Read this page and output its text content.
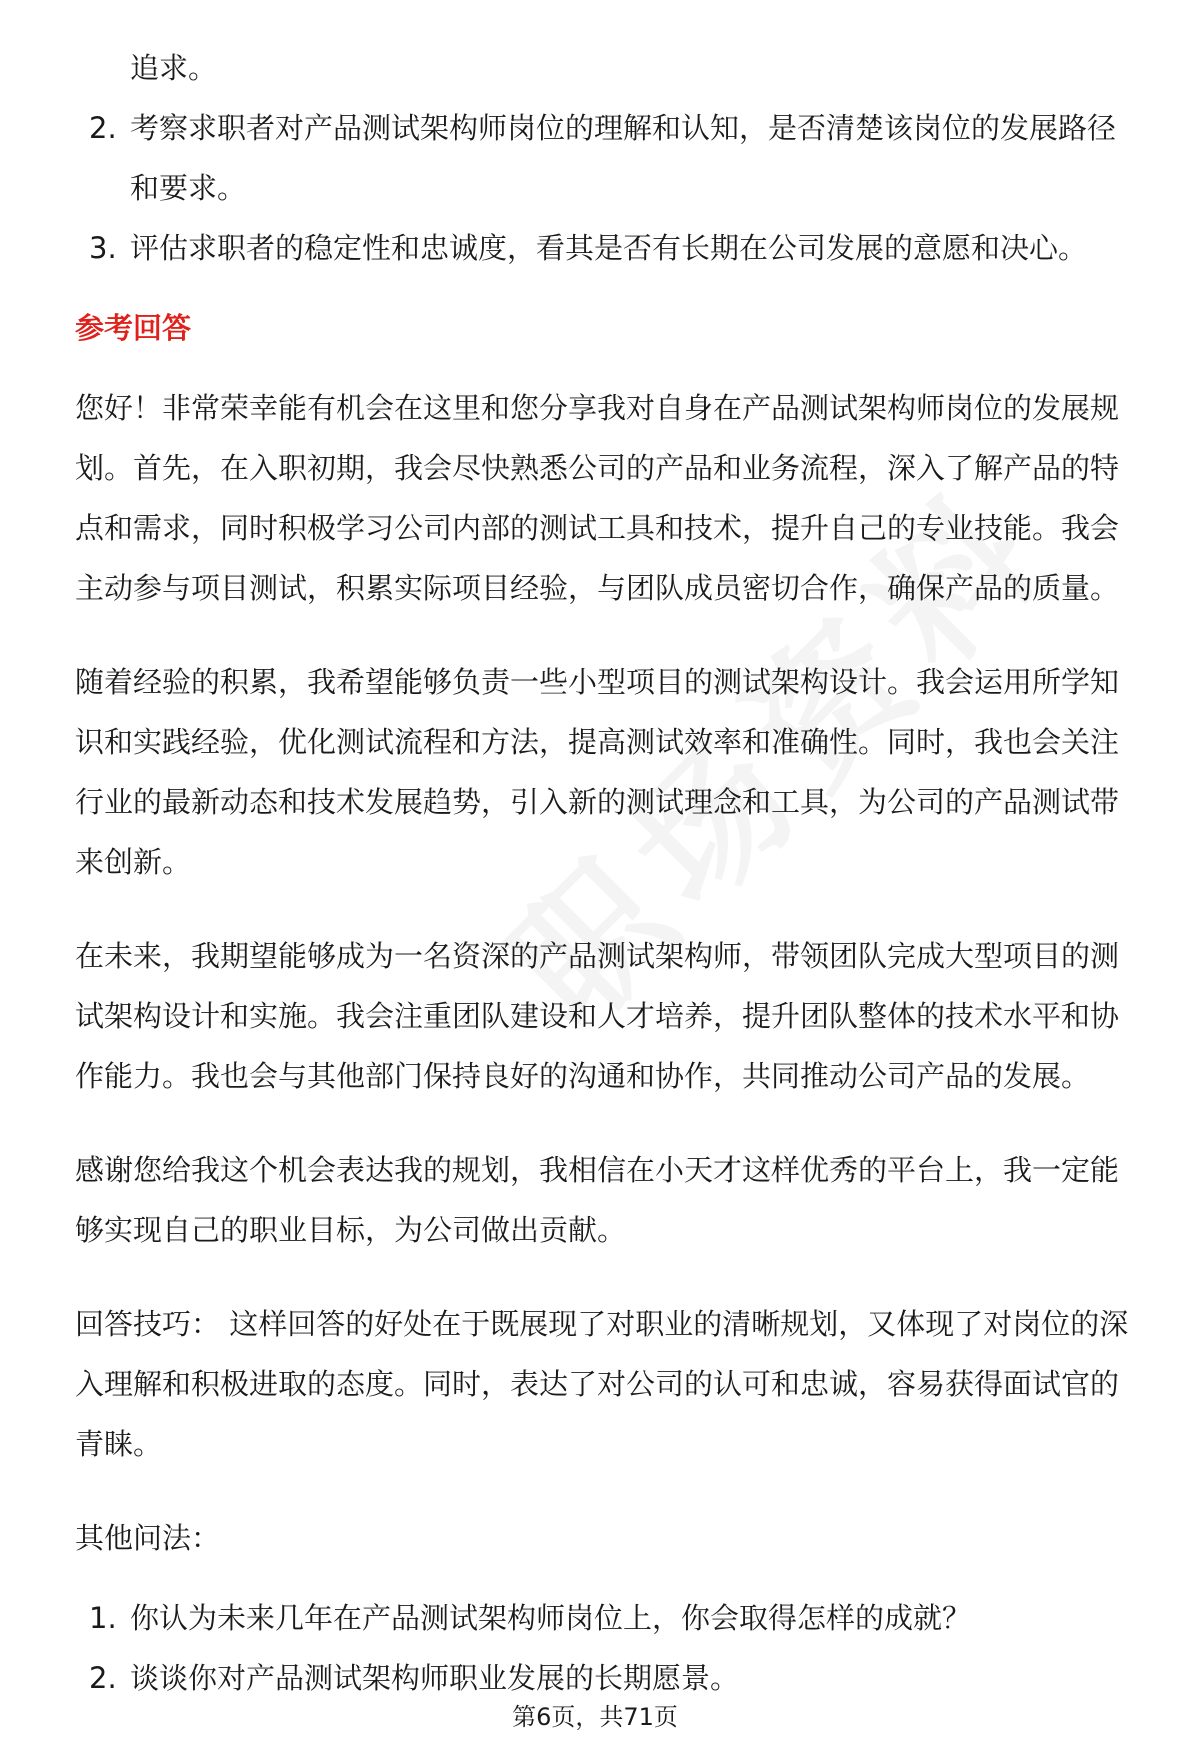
追求。
2. 考察求职者对产品测试架构师岗位的理解和认知，是否清楚该岗位的发展路径
和要求。
3. 评估求职者的稳定性和忠诚度，看其是否有长期在公司发展的意愿和决心。
参考回答
您好！非常荣幸能有机会在这里和您分享我对自身在产品测试架构师岗位的发展规
划。首先，在入职初期，我会尽快熟悉公司的产品和业务流程，深入了解产品的特
点和需求，同时积极学习公司内部的测试工具和技术，提升自己的专业技能。我会
主动参与项目测试，积累实际项目经验，与团队成员密切合作，确保产品的质量。
随着经验的积累，我希望能够负责一些小型项目的测试架构设计。我会运用所学知
识和实践经验，优化测试流程和方法，提高测试效率和准确性。同时，我也会关注
行业的最新动态和技术发展趋势，引入新的测试理念和工具，为公司的产品测试带
来创新。
在未来，我期望能够成为一名资深的产品测试架构师，带领团队完成大型项目的测
试架构设计和实施。我会注重团队建设和人才培养，提升团队整体的技术水平和协
作能力。我也会与其他部门保持良好的沟通和协作，共同推动公司产品的发展。
感谢您给我这个机会表达我的规划，我相信在小天才这样优秀的平台上，我一定能
够实现自己的职业目标，为公司做出贡献。
回答技巧： 这样回答的好处在于既展现了对职业的清晰规划，又体现了对岗位的深
入理解和积极进取的态度。同时，表达了对公司的认可和忠诚，容易获得面试官的
青睐。
其他问法：
1. 你认为未来几年在产品测试架构师岗位上，你会取得怎样的成就？
2. 谈谈你对产品测试架构师职业发展的长期愿景。
第6页，共71页
